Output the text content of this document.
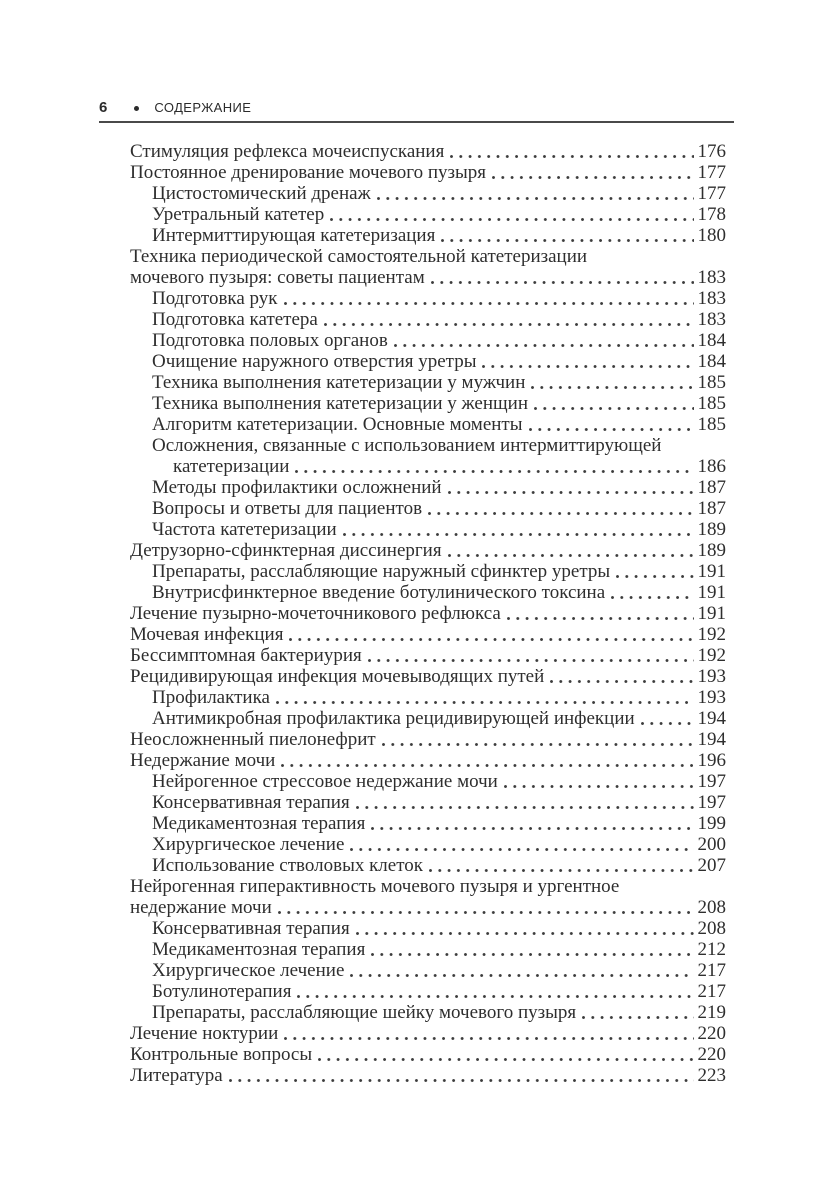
6	СОДЕРЖАНИЕ
Стимуляция рефлекса мочеиспускания	176
Постоянное дренирование мочевого пузыря	177
Цистостомический дренаж	177
Уретральный катетер	178
Интермиттирующая катетеризация	180
Техника периодической самостоятельной катетеризации
мочевого пузыря: советы пациентам	183
Подготовка рук	183
Подготовка катетера	183
Подготовка половых органов	184
Очищение наружного отверстия уретры	184
Техника выполнения катетеризации у мужчин	185
Техника выполнения катетеризации у женщин	185
Алгоритм катетеризации. Основные моменты	185
Осложнения, связанные с использованием интермиттирующей
катетеризации	186
Методы профилактики осложнений	187
Вопросы и ответы для пациентов	187
Частота катетеризации	189
Детрузорно-сфинктерная диссинергия	189
Препараты, расслабляющие наружный сфинктер уретры	191
Внутрисфинктерное введение ботулинического токсина	191
Лечение пузырно-мочеточникового рефлюкса	191
Мочевая инфекция	192
Бессимптомная бактериурия	192
Рецидивирующая инфекция мочевыводящих путей	193
Профилактика	193
Антимикробная профилактика рецидивирующей инфекции	194
Неосложненный пиелонефрит	194
Недержание мочи	196
Нейрогенное стрессовое недержание мочи	197
Консервативная терапия	197
Медикаментозная терапия	199
Хирургическое лечение	200
Использование стволовых клеток	207
Нейрогенная гиперактивность мочевого пузыря и ургентное
недержание мочи	208
Консервативная терапия	208
Медикаментозная терапия	212
Хирургическое лечение	217
Ботулинотерапия	217
Препараты, расслабляющие шейку мочевого пузыря	219
Лечение ноктурии	220
Контрольные вопросы	220
Литература	223
